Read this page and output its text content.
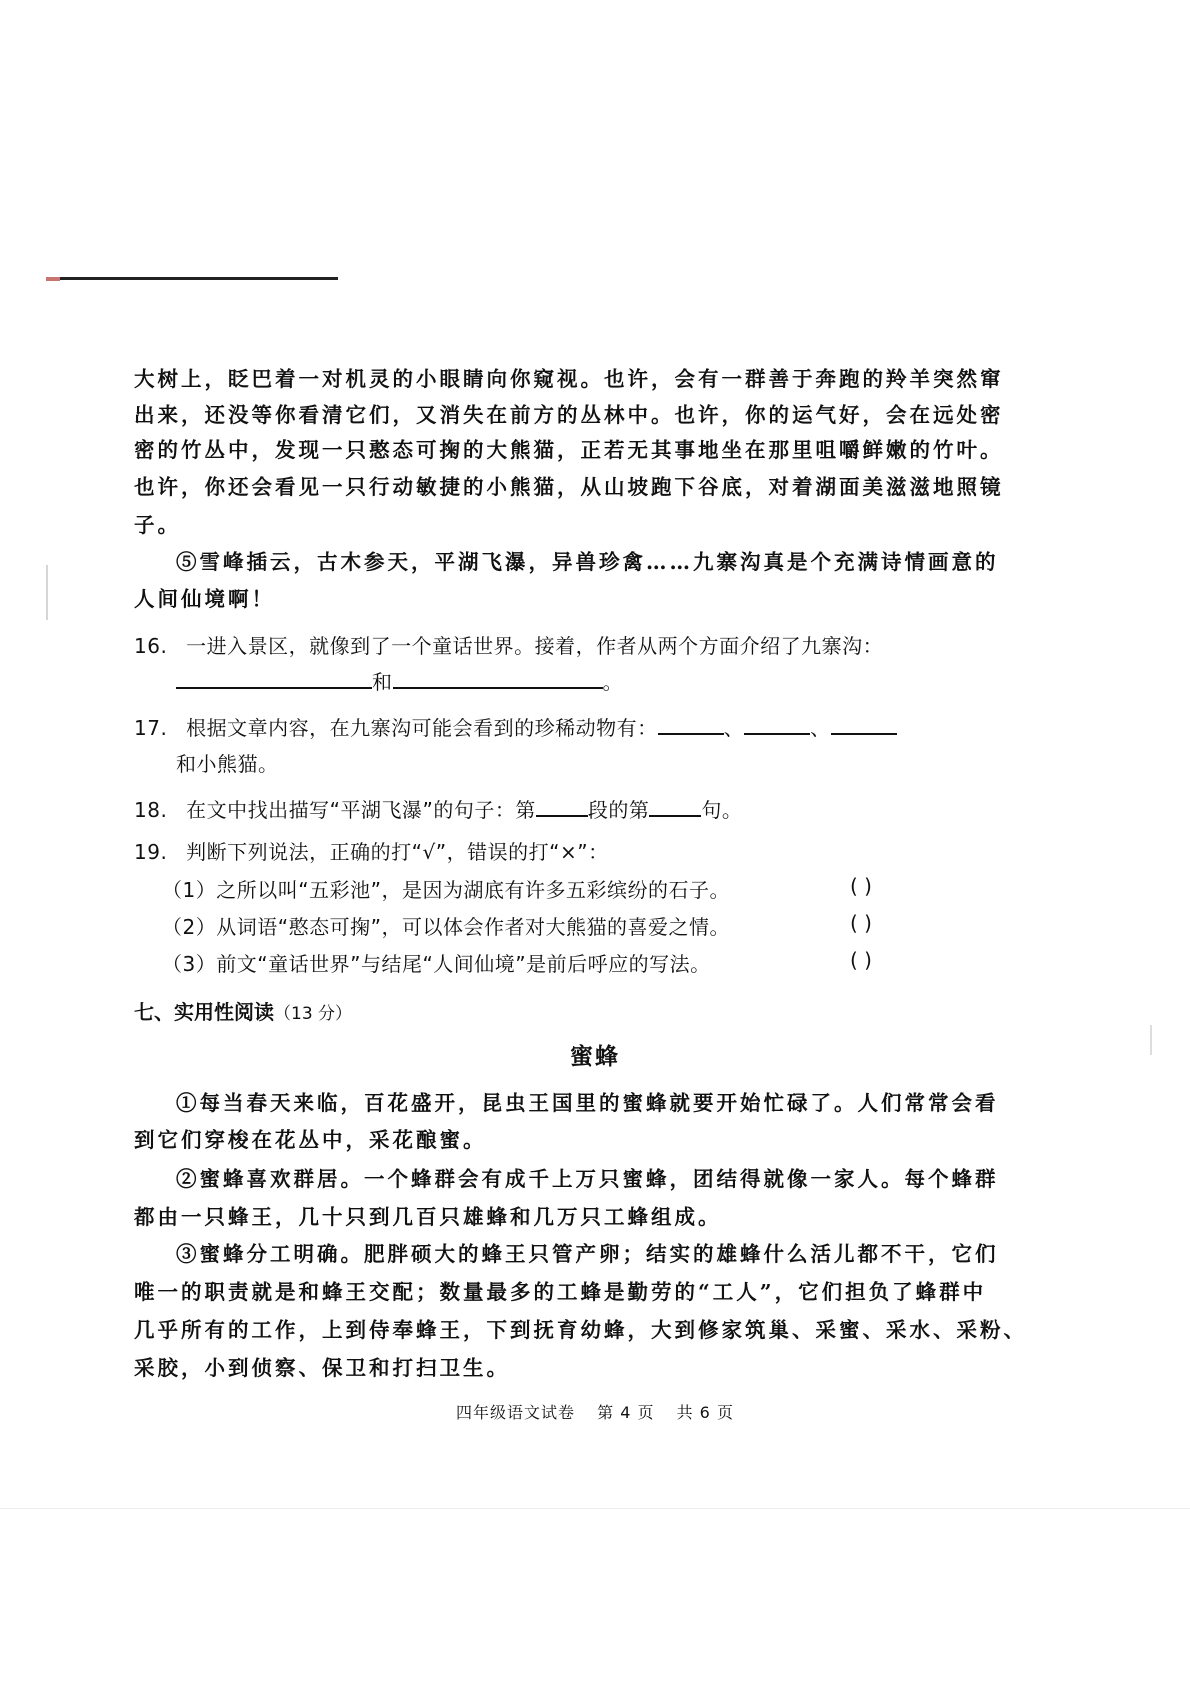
大树上，眨巴着一对机灵的小眼睛向你窥视。也许，会有一群善于奔跑的羚羊突然窜
出来，还没等你看清它们，又消失在前方的丛林中。也许，你的运气好，会在远处密
密的竹丛中，发现一只憨态可掬的大熊猫，正若无其事地坐在那里咀嚼鲜嫩的竹叶。
也许，你还会看见一只行动敏捷的小熊猫，从山坡跑下谷底，对着湖面美滋滋地照镜
子。
⑤雪峰插云，古木参天，平湖飞瀑，异兽珍禽……九寨沟真是个充满诗情画意的
人间仙境啊！
16. 一进入景区，就像到了一个童话世界。接着，作者从两个方面介绍了九寨沟：
和	。
17. 根据文章内容，在九寨沟可能会看到的珍稀动物有：	、	、
和小熊猫。
18. 在文中找出描写“平湖飞瀑”的句子：第	段的第	句。
19. 判断下列说法，正确的打“√”，错误的打“×”：
（1）之所以叫“五彩池”，是因为湖底有许多五彩缤纷的石子。	( )
（2）从词语“憨态可掬”，可以体会作者对大熊猫的喜爱之情。	( )
（3）前文“童话世界”与结尾“人间仙境”是前后呼应的写法。	( )
七、实用性阅读（13 分）
蜜蜂
①每当春天来临，百花盛开，昆虫王国里的蜜蜂就要开始忙碌了。人们常常会看
到它们穿梭在花丛中，采花酿蜜。
②蜜蜂喜欢群居。一个蜂群会有成千上万只蜜蜂，团结得就像一家人。每个蜂群
都由一只蜂王，几十只到几百只雄蜂和几万只工蜂组成。
③蜜蜂分工明确。肥胖硕大的蜂王只管产卵；结实的雄蜂什么活儿都不干，它们
唯一的职责就是和蜂王交配；数量最多的工蜂是勤劳的“工人”，它们担负了蜂群中
几乎所有的工作，上到侍奉蜂王，下到抚育幼蜂，大到修家筑巢、采蜜、采水、采粉、
采胶，小到侦察、保卫和打扫卫生。
四年级语文试卷 第 4 页 共 6 页
